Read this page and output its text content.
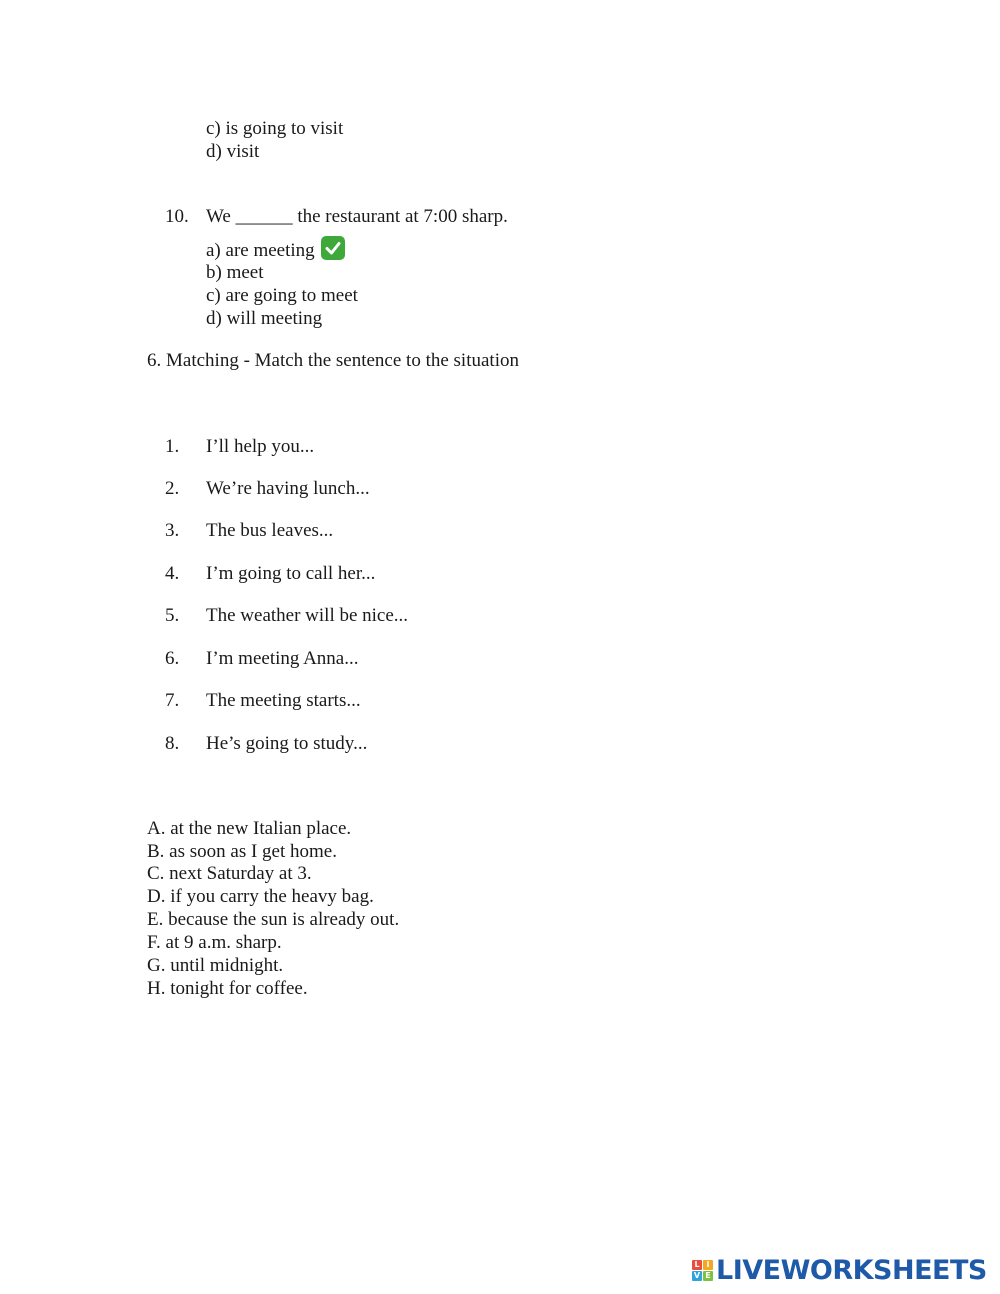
c) is going to visit
d) visit
10. We ______ the restaurant at 7:00 sharp.
a) are meeting
b) meet
c) are going to meet
d) will meeting
6. Matching - Match the sentence to the situation
1. I’ll help you...
2. We’re having lunch...
3. The bus leaves...
4. I’m going to call her...
5. The weather will be nice...
6. I’m meeting Anna...
7. The meeting starts...
8. He’s going to study...
A. at the new Italian place.
B. as soon as I get home.
C. next Saturday at 3.
D. if you carry the heavy bag.
E. because the sun is already out.
F. at 9 a.m. sharp.
G. until midnight.
H. tonight for coffee.
L I
V E LIVEWORKSHEETS
